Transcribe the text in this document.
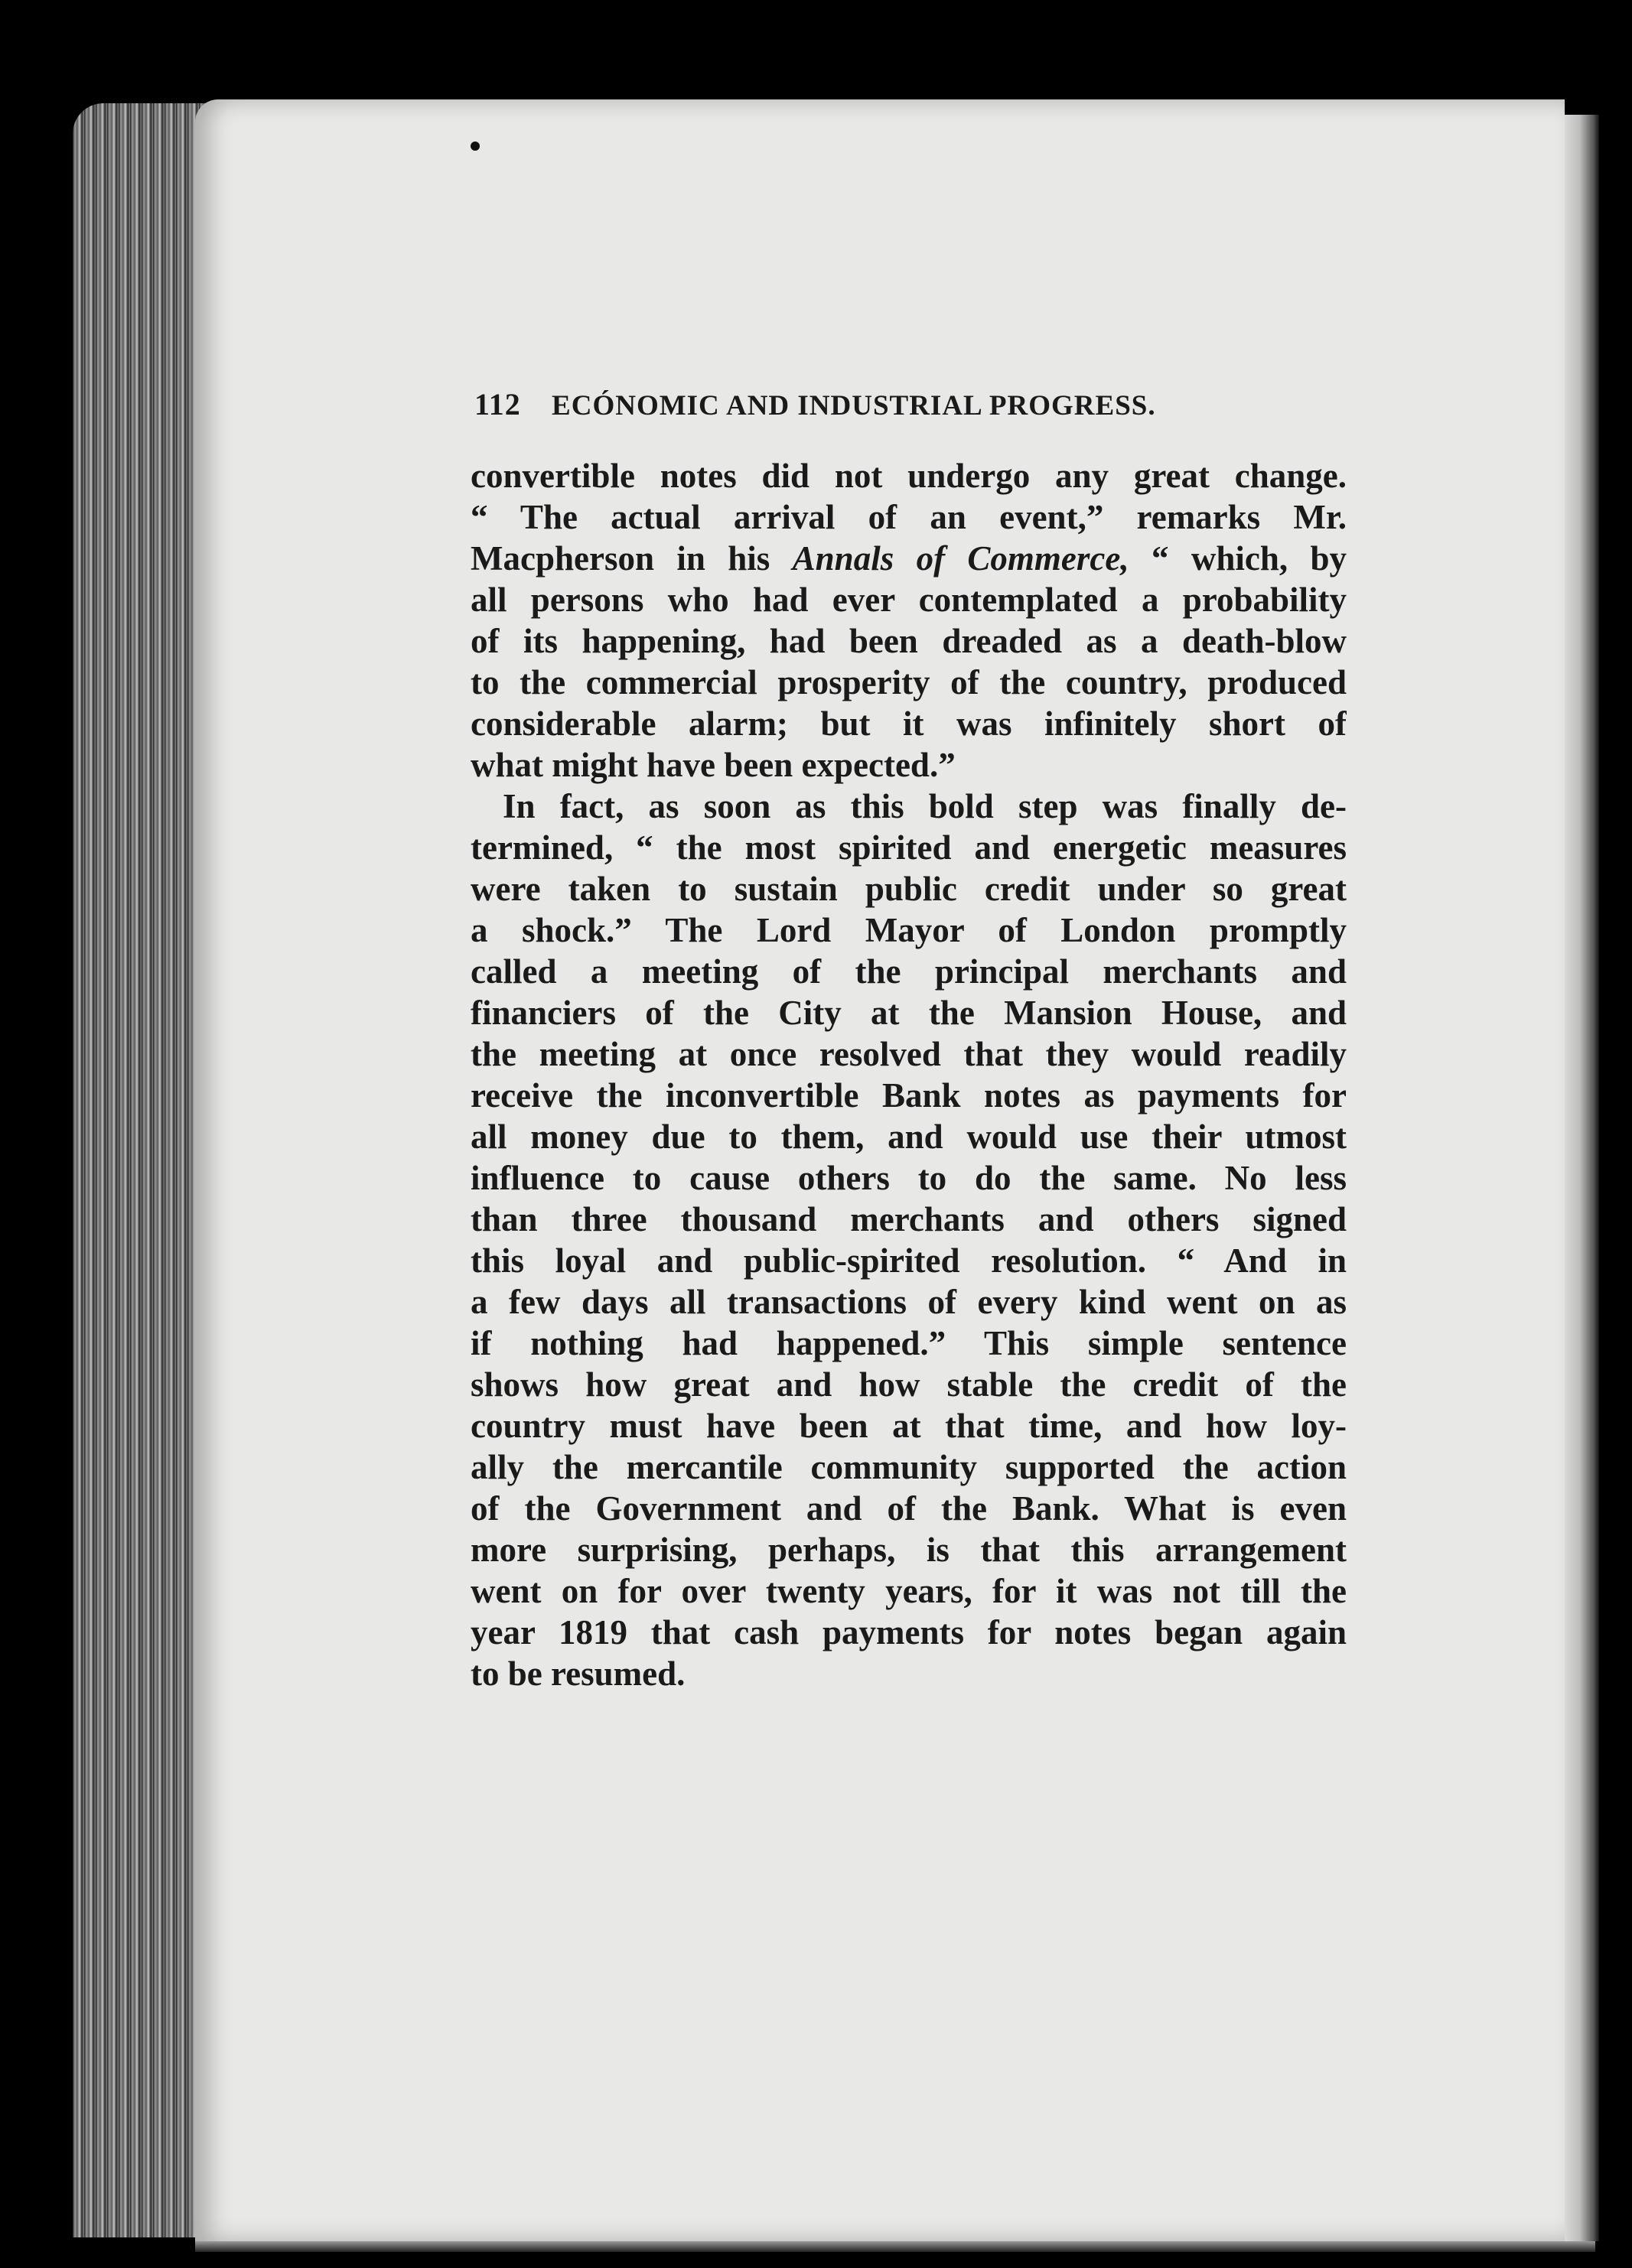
112 ECÓNOMIC AND INDUSTRIAL PROGRESS.
convertible notes did not undergo any great change.
“ The actual arrival of an event,” remarks Mr.
Macpherson in his Annals of Commerce, “ which, by
all persons who had ever contemplated a probability
of its happening, had been dreaded as a death-blow
to the commercial prosperity of the country, produced
considerable alarm; but it was infinitely short of
what might have been expected.”
In fact, as soon as this bold step was finally de-
termined, “ the most spirited and energetic measures
were taken to sustain public credit under so great
a shock.” The Lord Mayor of London promptly
called a meeting of the principal merchants and
financiers of the City at the Mansion House, and
the meeting at once resolved that they would readily
receive the inconvertible Bank notes as payments for
all money due to them, and would use their utmost
influence to cause others to do the same. No less
than three thousand merchants and others signed
this loyal and public-spirited resolution. “ And in
a few days all transactions of every kind went on as
if nothing had happened.” This simple sentence
shows how great and how stable the credit of the
country must have been at that time, and how loy-
ally the mercantile community supported the action
of the Government and of the Bank. What is even
more surprising, perhaps, is that this arrangement
went on for over twenty years, for it was not till the
year 1819 that cash payments for notes began again
to be resumed.
